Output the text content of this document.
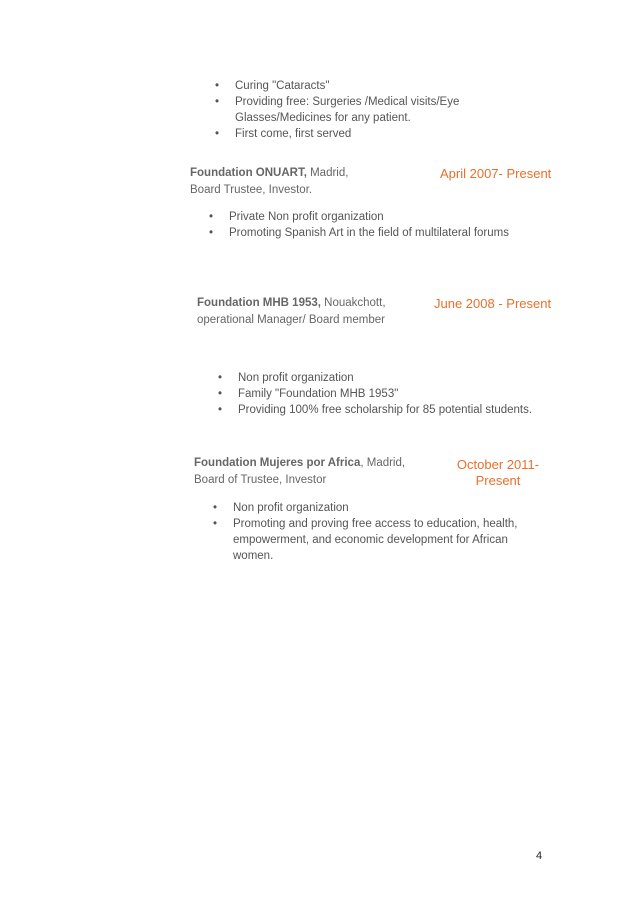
•	Curing "Cataracts"
•	Providing free: Surgeries /Medical visits/Eye Glasses/Medicines for any patient.
•	First come, first served
Foundation ONUART, Madrid,
Board Trustee, Investor.
April 2007- Present
•	Private Non profit organization
•	Promoting Spanish Art in the field of multilateral forums
Foundation MHB 1953, Nouakchott,
operational Manager/ Board member
June 2008 - Present
•	Non profit organization
•	Family "Foundation MHB 1953"
•	Providing 100% free scholarship for 85 potential students.
Foundation Mujeres por Africa, Madrid,
Board of Trustee, Investor
October 2011-
Present
•	Non profit organization
•	Promoting and proving free access to education, health, empowerment, and economic development for African women.
4
